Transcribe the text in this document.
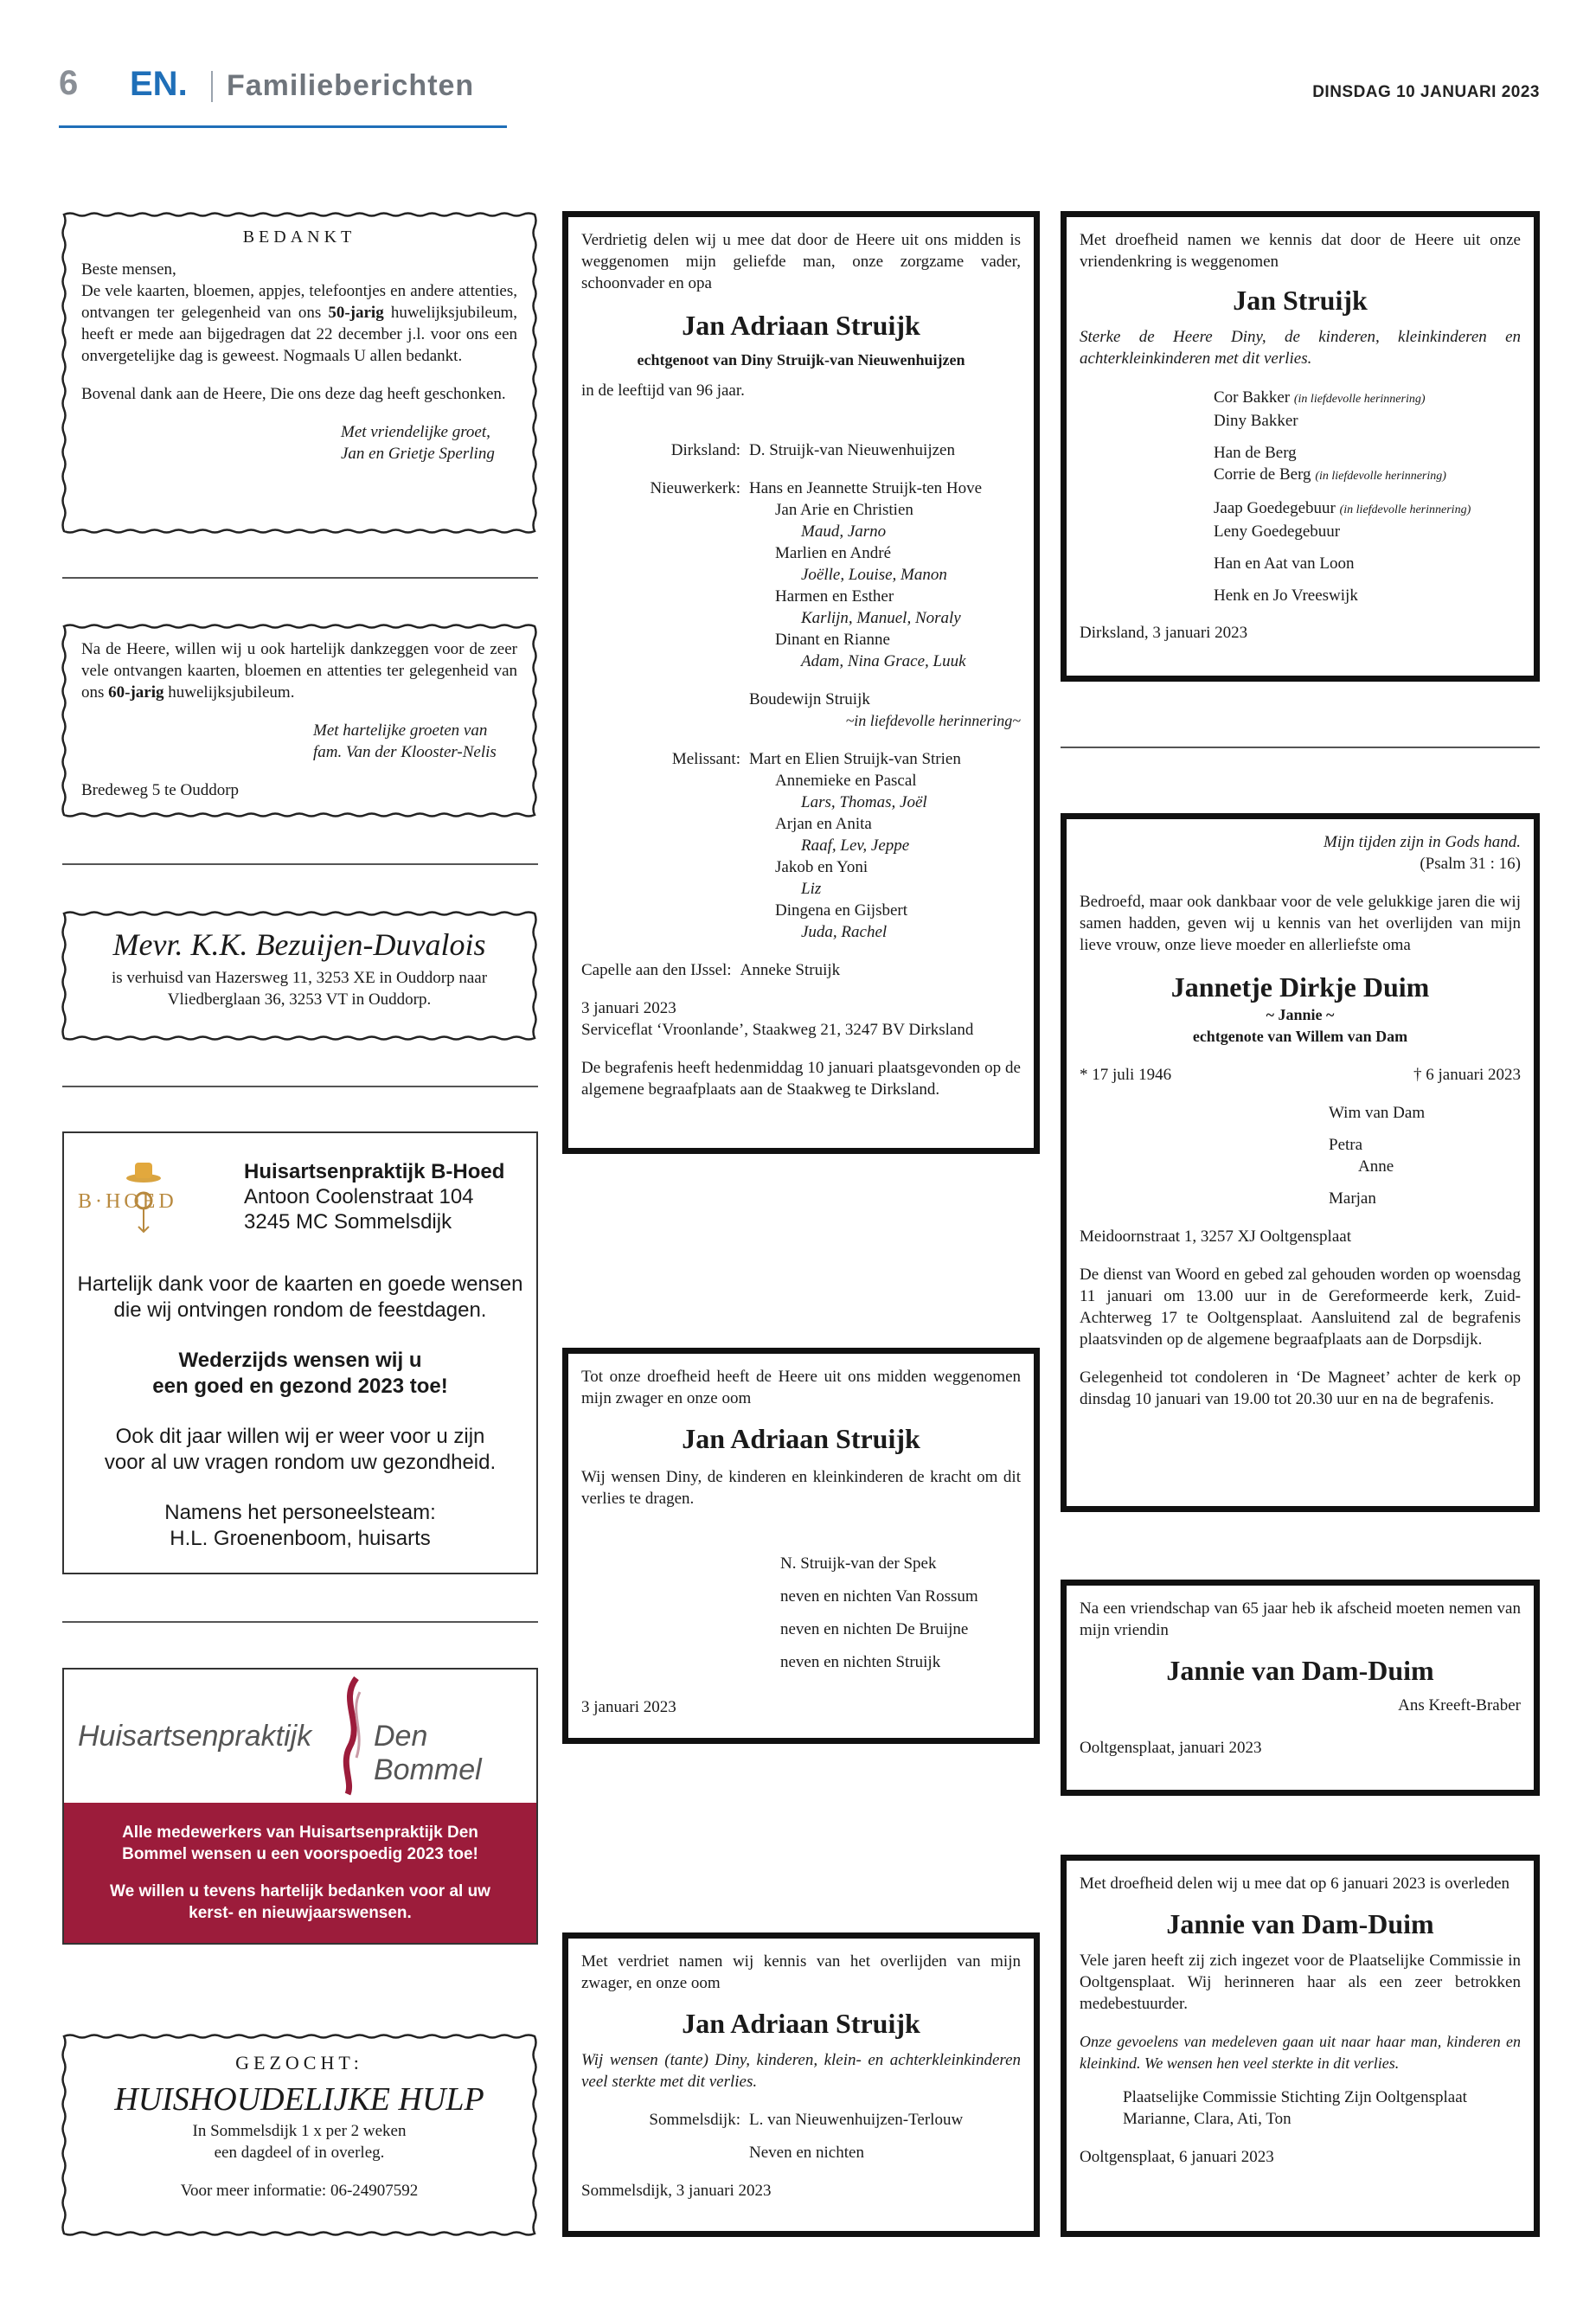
6 EN. Familieberichten	DINSDAG 10 JANUARI 2023

BEDANKT

Beste mensen,

De vele kaarten, bloemen, appjes, telefoontjes en andere attenties, ontvangen ter gelegenheid van ons 50-jarig huwelijksjubileum, heeft er mede aan bijgedragen dat 22 december j.l. voor ons een onvergetelijke dag is geweest. Nogmaals U allen bedankt.

Bovenal dank aan de Heere, Die ons deze dag heeft geschonken.

Met vriendelijke groet,

Jan en Grietje Sperling

Na de Heere, willen wij u ook hartelijk dankzeggen voor de zeer vele ontvangen kaarten, bloemen en attenties ter gelegenheid van ons 60-jarig huwelijksjubileum.

Met hartelijke groeten van

fam. Van der Klooster-Nelis

Bredeweg 5 te Ouddorp

Mevr. K.K. Bezuijen-Duvalois

is verhuisd van Hazersweg 11, 3253 XE in Ouddorp naar Vliedberglaan 36, 3253 VT in Ouddorp.

B·HOED

Huisartsenpraktijk B-Hoed

Antoon Coolenstraat 104

3245 MC Sommelsdijk

Hartelijk dank voor de kaarten en goede wensen die wij ontvingen rondom de feestdagen.

Wederzijds wensen wij u

een goed en gezond 2023 toe!

Ook dit jaar willen wij er weer voor u zijn voor al uw vragen rondom uw gezondheid.

Namens het personeelsteam:

H.L. Groenenboom, huisarts

Huisartsenpraktijk Den Bommel

Alle medewerkers van Huisartsenpraktijk Den Bommel wensen u een voorspoedig 2023 toe!

We willen u tevens hartelijk bedanken voor al uw kerst- en nieuwjaarswensen.

GEZOCHT:

HUISHOUDELIJKE HULP

In Sommelsdijk 1 x per 2 weken

een dagdeel of in overleg.

Voor meer informatie: 06-24907592

Verdrietig delen wij u mee dat door de Heere uit ons midden is weggenomen mijn geliefde man, onze zorgzame vader, schoonvader en opa

Jan Adriaan Struijk

echtgenoot van Diny Struijk-van Nieuwenhuijzen

in de leeftijd van 96 jaar.

Dirksland: D. Struijk-van Nieuwenhuijzen
Nieuwerkerk: Hans en Jeannette Struijk-ten Hove

Jan Arie en Christien

Maud, Jarno

Marlien en André

Joëlle, Louise, Manon

Harmen en Esther

Karlijn, Manuel, Noraly

Dinant en Rianne

Adam, Nina Grace, Luuk

Boudewijn Struijk

~in liefdevolle herinnering~

Melissant: Mart en Elien Struijk-van Strien

Annemieke en Pascal

Lars, Thomas, Joël

Arjan en Anita

Raaf, Lev, Jeppe

Jakob en Yoni

Liz

Dingena en Gijsbert

Juda, Rachel

Capelle aan den IJssel: Anneke Struijk

3 januari 2023

Serviceflat ‘Vroonlande’, Staakweg 21, 3247 BV Dirksland

De begrafenis heeft hedenmiddag 10 januari plaatsgevonden op de algemene begraafplaats aan de Staakweg te Dirksland.

Tot onze droefheid heeft de Heere uit ons midden weggenomen mijn zwager en onze oom

Jan Adriaan Struijk

Wij wensen Diny, de kinderen en kleinkinderen de kracht om dit verlies te dragen.

N. Struijk-van der Spek

neven en nichten Van Rossum

neven en nichten De Bruijne

neven en nichten Struijk

3 januari 2023

Met verdriet namen wij kennis van het overlijden van mijn zwager, en onze oom

Jan Adriaan Struijk

Wij wensen (tante) Diny, kinderen, klein- en achterkleinkinderen veel sterkte met dit verlies.

Sommelsdijk: L. van Nieuwenhuijzen-Terlouw

Neven en nichten

Sommelsdijk, 3 januari 2023

Met droefheid namen we kennis dat door de Heere uit onze vriendenkring is weggenomen

Jan Struijk

Sterke de Heere Diny, de kinderen, kleinkinderen en achterkleinkinderen met dit verlies.

Cor Bakker (in liefdevolle herinnering)

Diny Bakker

Han de Berg

Corrie de Berg (in liefdevolle herinnering)

Jaap Goedegebuur (in liefdevolle herinnering)

Leny Goedegebuur

Han en Aat van Loon

Henk en Jo Vreeswijk

Dirksland, 3 januari 2023

Mijn tijden zijn in Gods hand.

(Psalm 31 : 16)

Bedroefd, maar ook dankbaar voor de vele gelukkige jaren die wij samen hadden, geven wij u kennis van het overlijden van mijn lieve vrouw, onze lieve moeder en allerliefste oma

Jannetje Dirkje Duim

~ Jannie ~

echtgenote van Willem van Dam

* 17 juli 1946	† 6 januari 2023

Wim van Dam

Petra

Anne

Marjan

Meidoornstraat 1, 3257 XJ Ooltgensplaat

De dienst van Woord en gebed zal gehouden worden op woensdag 11 januari om 13.00 uur in de Gereformeerde kerk, Zuid-Achterweg 17 te Ooltgensplaat. Aansluitend zal de begrafenis plaatsvinden op de algemene begraafplaats aan de Dorpsdijk.

Gelegenheid tot condoleren in ‘De Magneet’ achter de kerk op dinsdag 10 januari van 19.00 tot 20.30 uur en na de begrafenis.

Na een vriendschap van 65 jaar heb ik afscheid moeten nemen van mijn vriendin

Jannie van Dam-Duim

Ans Kreeft-Braber

Ooltgensplaat, januari 2023

Met droefheid delen wij u mee dat op 6 januari 2023 is overleden

Jannie van Dam-Duim

Vele jaren heeft zij zich ingezet voor de Plaatselijke Commissie in Ooltgensplaat. Wij herinneren haar als een zeer betrokken medebestuurder.

Onze gevoelens van medeleven gaan uit naar haar man, kinderen en kleinkind. We wensen hen veel sterkte in dit verlies.

Plaatselijke Commissie Stichting Zijn Ooltgensplaat

Marianne, Clara, Ati, Ton

Ooltgensplaat, 6 januari 2023
